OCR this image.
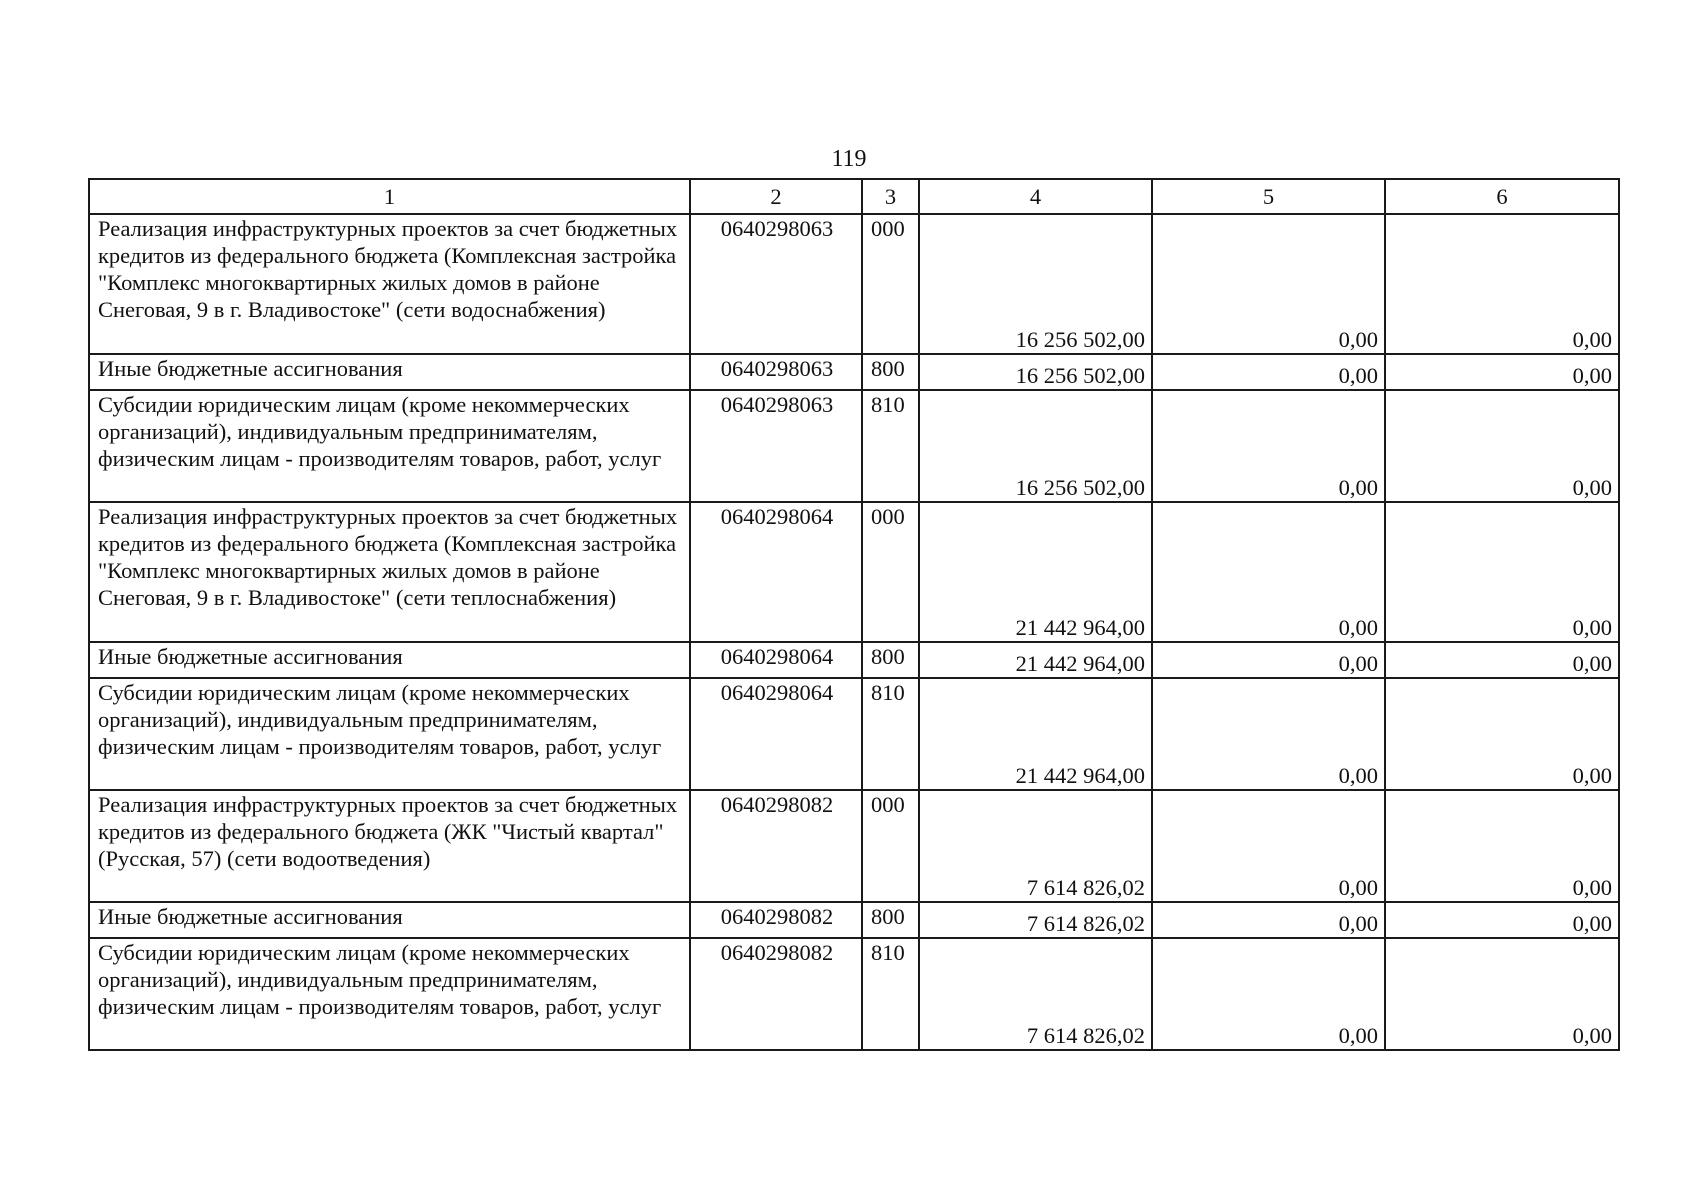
119
1	2	3	4	5	6
Реализация инфраструктурных проектов за счет бюджетных кредитов из федерального бюджета (Комплексная застройка "Комплекс многоквартирных жилых домов в районе Снеговая, 9 в г. Владивостоке" (сети водоснабжения)	0640298063	000	16 256 502,00	0,00	0,00
Иные бюджетные ассигнования	0640298063	800	16 256 502,00	0,00	0,00
Субсидии юридическим лицам (кроме некоммерческих организаций), индивидуальным предпринимателям, физическим лицам - производителям товаров, работ, услуг	0640298063	810	16 256 502,00	0,00	0,00
Реализация инфраструктурных проектов за счет бюджетных кредитов из федерального бюджета (Комплексная застройка "Комплекс многоквартирных жилых домов в районе Снеговая, 9 в г. Владивостоке" (сети теплоснабжения)	0640298064	000	21 442 964,00	0,00	0,00
Иные бюджетные ассигнования	0640298064	800	21 442 964,00	0,00	0,00
Субсидии юридическим лицам (кроме некоммерческих организаций), индивидуальным предпринимателям, физическим лицам - производителям товаров, работ, услуг	0640298064	810	21 442 964,00	0,00	0,00
Реализация инфраструктурных проектов за счет бюджетных кредитов из федерального бюджета (ЖК "Чистый квартал" (Русская, 57) (сети водоотведения)	0640298082	000	7 614 826,02	0,00	0,00
Иные бюджетные ассигнования	0640298082	800	7 614 826,02	0,00	0,00
Субсидии юридическим лицам (кроме некоммерческих организаций), индивидуальным предпринимателям, физическим лицам - производителям товаров, работ, услуг	0640298082	810	7 614 826,02	0,00	0,00
